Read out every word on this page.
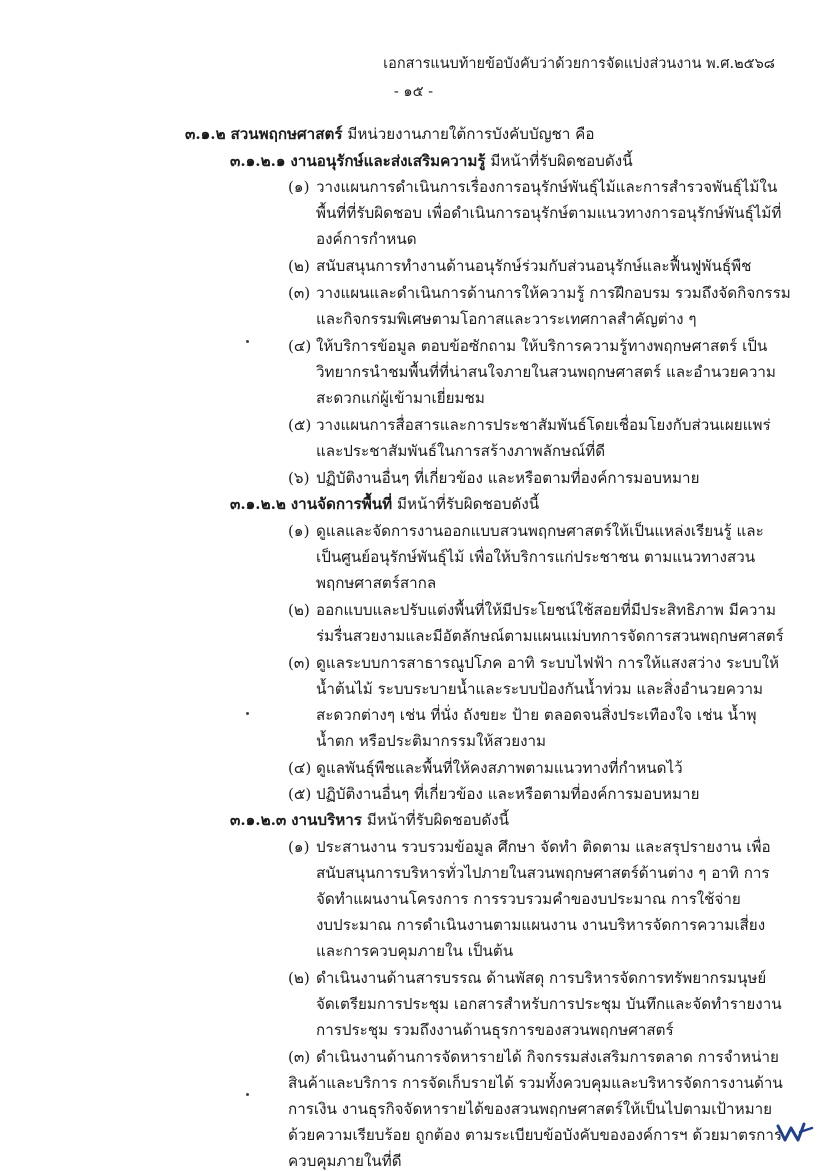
เอกสารแนบท้ายข้อบังคับว่าด้วยการจัดแบ่งส่วนงาน พ.ศ.๒๕๖๘
- ๑๕ -
๓.๑.๒ สวนพฤกษศาสตร์ มีหน่วยงานภายใต้การบังคับบัญชา คือ
๓.๑.๒.๑ งานอนุรักษ์และส่งเสริมความรู้ มีหน้าที่รับผิดชอบดังนี้
(๑) วางแผนการดำเนินการเรื่องการอนุรักษ์พันธุ์ไม้และการสำรวจพันธุ์ไม้ใน
พื้นที่ที่รับผิดชอบ เพื่อดำเนินการอนุรักษ์ตามแนวทางการอนุรักษ์พันธุ์ไม้ที่
องค์การกำหนด
(๒) สนับสนุนการทำงานด้านอนุรักษ์ร่วมกับส่วนอนุรักษ์และฟื้นฟูพันธุ์พืช
(๓) วางแผนและดำเนินการด้านการให้ความรู้ การฝึกอบรม รวมถึงจัดกิจกรรม
และกิจกรรมพิเศษตามโอกาสและวาระเทศกาลสำคัญต่าง ๆ
(๔) ให้บริการข้อมูล ตอบข้อซักถาม ให้บริการความรู้ทางพฤกษศาสตร์ เป็น
วิทยากรนำชมพื้นที่ที่น่าสนใจภายในสวนพฤกษศาสตร์ และอำนวยความ
สะดวกแก่ผู้เข้ามาเยี่ยมชม
(๕) วางแผนการสื่อสารและการประชาสัมพันธ์โดยเชื่อมโยงกับส่วนเผยแพร่
และประชาสัมพันธ์ในการสร้างภาพลักษณ์ที่ดี
(๖) ปฏิบัติงานอื่นๆ ที่เกี่ยวข้อง และหรือตามที่องค์การมอบหมาย
๓.๑.๒.๒ งานจัดการพื้นที่ มีหน้าที่รับผิดชอบดังนี้
(๑) ดูแลและจัดการงานออกแบบสวนพฤกษศาสตร์ให้เป็นแหล่งเรียนรู้ และ
เป็นศูนย์อนุรักษ์พันธุ์ไม้ เพื่อให้บริการแก่ประชาชน ตามแนวทางสวน
พฤกษศาสตร์สากล
(๒) ออกแบบและปรับแต่งพื้นที่ให้มีประโยชน์ใช้สอยที่มีประสิทธิภาพ มีความ
ร่มรื่นสวยงามและมีอัตลักษณ์ตามแผนแม่บทการจัดการสวนพฤกษศาสตร์
(๓) ดูแลระบบการสาธารณูปโภค อาทิ ระบบไฟฟ้า การให้แสงสว่าง ระบบให้
น้ำต้นไม้ ระบบระบายน้ำและระบบป้องกันน้ำท่วม และสิ่งอำนวยความ
สะดวกต่างๆ เช่น ที่นั่ง ถังขยะ ป้าย ตลอดจนสิ่งประเทืองใจ เช่น น้ำพุ
น้ำตก หรือประติมากรรมให้สวยงาม
(๔) ดูแลพันธุ์พืชและพื้นที่ให้คงสภาพตามแนวทางที่กำหนดไว้
(๕) ปฏิบัติงานอื่นๆ ที่เกี่ยวข้อง และหรือตามที่องค์การมอบหมาย
๓.๑.๒.๓ งานบริหาร มีหน้าที่รับผิดชอบดังนี้
(๑) ประสานงาน รวบรวมข้อมูล ศึกษา จัดทำ ติดตาม และสรุปรายงาน เพื่อ
สนับสนุนการบริหารทั่วไปภายในสวนพฤกษศาสตร์ด้านต่าง ๆ อาทิ การ
จัดทำแผนงานโครงการ การรวบรวมคำของบประมาณ การใช้จ่าย
งบประมาณ การดำเนินงานตามแผนงาน งานบริหารจัดการความเสี่ยง
และการควบคุมภายใน เป็นต้น
(๒) ดำเนินงานด้านสารบรรณ ด้านพัสดุ การบริหารจัดการทรัพยากรมนุษย์
จัดเตรียมการประชุม เอกสารสำหรับการประชุม บันทึกและจัดทำรายงาน
การประชุม รวมถึงงานด้านธุรการของสวนพฤกษศาสตร์
(๓) ดำเนินงานด้านการจัดหารายได้ กิจกรรมส่งเสริมการตลาด การจำหน่าย
สินค้าและบริการ การจัดเก็บรายได้ รวมทั้งควบคุมและบริหารจัดการงานด้าน
การเงิน งานธุรกิจจัดหารายได้ของสวนพฤกษศาสตร์ให้เป็นไปตามเป้าหมาย
ด้วยความเรียบร้อย ถูกต้อง ตามระเบียบข้อบังคับขององค์การฯ ด้วยมาตรการ
ควบคุมภายในที่ดี
